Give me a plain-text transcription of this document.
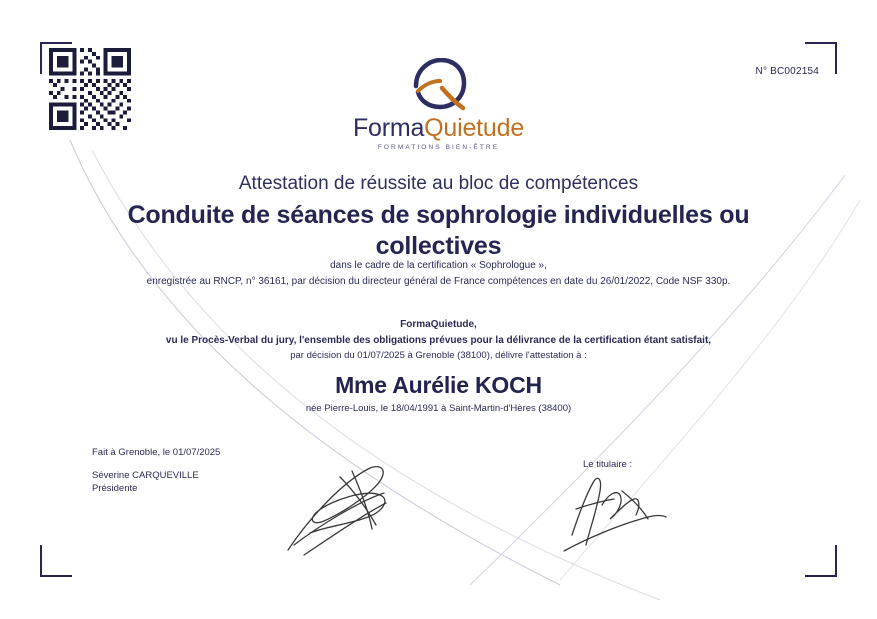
N° BC002154
FormaQuietude
FORMATIONS BIEN-ÊTRE
Attestation de réussite au bloc de compétences
Conduite de séances de sophrologie individuelles ou collectives
dans le cadre de la certification « Sophrologue »,
enregistrée au RNCP, n° 36161, par décision du directeur général de France compétences en date du 26/01/2022, Code NSF 330p.
FormaQuietude,
vu le Procès-Verbal du jury, l'ensemble des obligations prévues pour la délivrance de la certification étant satisfait,
par décision du 01/07/2025 à Grenoble (38100), délivre l'attestation à :
Mme Aurélie KOCH
née Pierre-Louis, le 18/04/1991 à Saint-Martin-d'Hères (38400)
Fait à Grenoble, le 01/07/2025
Séverine CARQUEVILLE
Présidente
Le titulaire :
